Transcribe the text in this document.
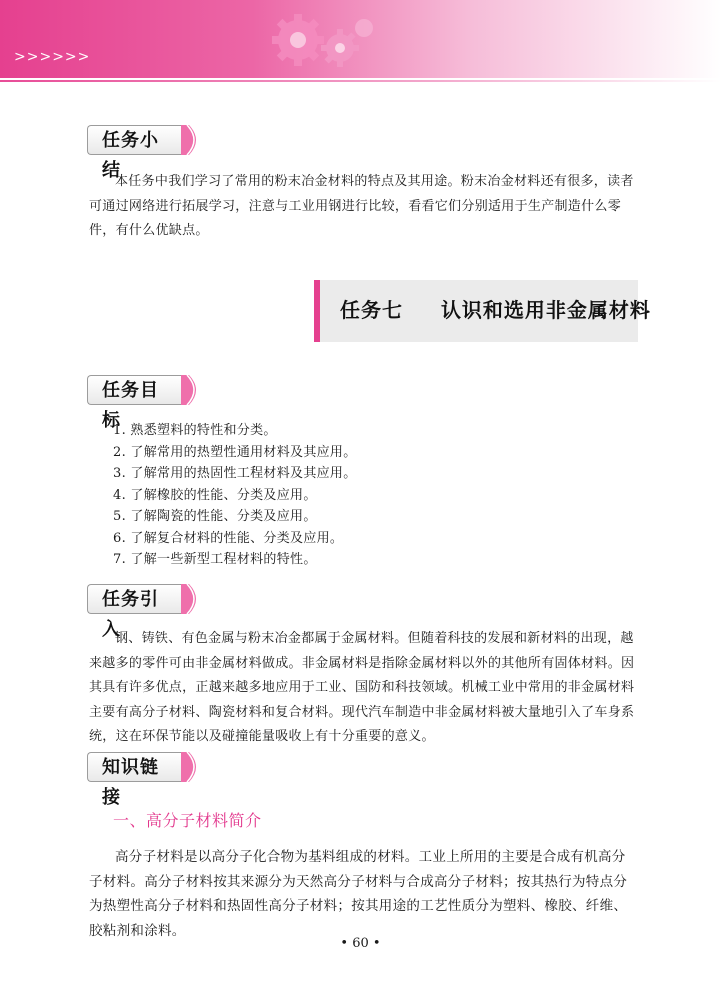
>>>>>>
任务小结
本任务中我们学习了常用的粉末冶金材料的特点及其用途。粉末冶金材料还有很多，读者可通过网络进行拓展学习，注意与工业用钢进行比较，看看它们分别适用于生产制造什么零件，有什么优缺点。
任务七 认识和选用非金属材料
任务目标
1. 熟悉塑料的特性和分类。
2. 了解常用的热塑性通用材料及其应用。
3. 了解常用的热固性工程材料及其应用。
4. 了解橡胶的性能、分类及应用。
5. 了解陶瓷的性能、分类及应用。
6. 了解复合材料的性能、分类及应用。
7. 了解一些新型工程材料的特性。
任务引入
钢、铸铁、有色金属与粉末冶金都属于金属材料。但随着科技的发展和新材料的出现，越来越多的零件可由非金属材料做成。非金属材料是指除金属材料以外的其他所有固体材料。因其具有许多优点，正越来越多地应用于工业、国防和科技领域。机械工业中常用的非金属材料主要有高分子材料、陶瓷材料和复合材料。现代汽车制造中非金属材料被大量地引入了车身系统，这在环保节能以及碰撞能量吸收上有十分重要的意义。
知识链接
一、高分子材料简介
高分子材料是以高分子化合物为基料组成的材料。工业上所用的主要是合成有机高分子材料。高分子材料按其来源分为天然高分子材料与合成高分子材料；按其热行为特点分为热塑性高分子材料和热固性高分子材料；按其用途的工艺性质分为塑料、橡胶、纤维、胶粘剂和涂料。
• 60 •
